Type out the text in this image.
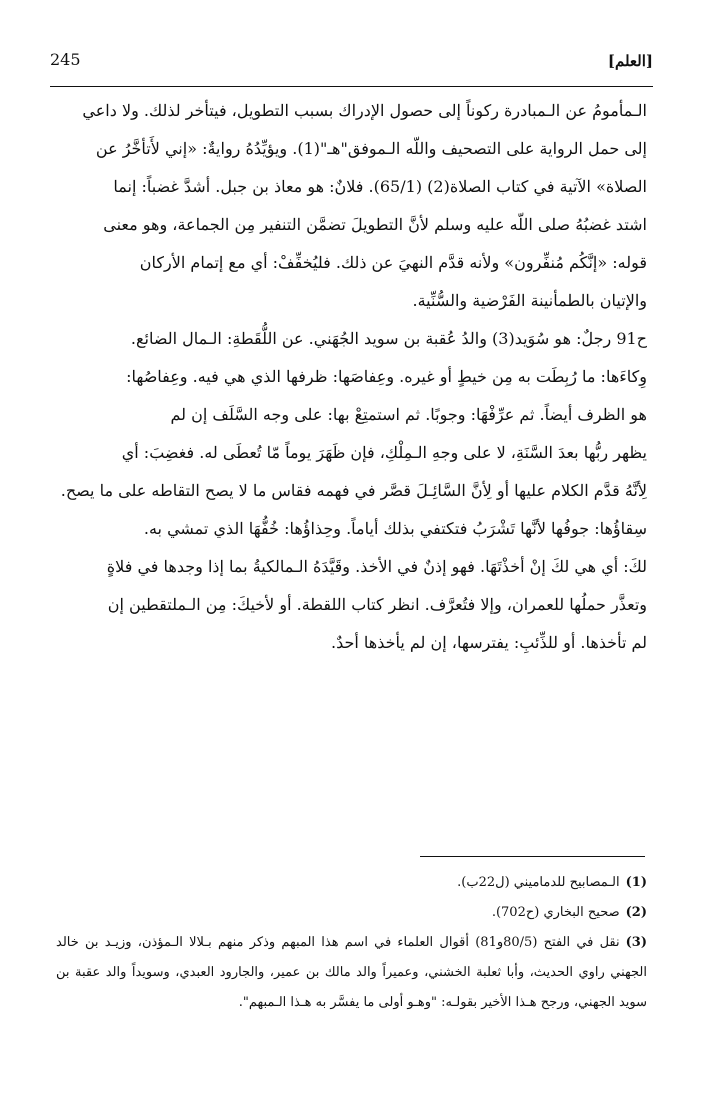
245	[العلم]

الـمأمومُ عن الـمبادرة ركوناً إلى حصول الإدراك بسبب التطويل، فيتأخر لذلك. ولا داعي

إلى حمل الرواية على التصحيف واللّه الـموفق"هـ"(1). ويؤيِّدُهُ روايةٌ: «إني لأَتأخَّرُ عن

الصلاة» الآتية في كتاب الصلاة(2) (65/1). فلانٌ: هو معاذ بن جبل. أشدَّ غضباً: إنما

اشتد غضبُهُ صلى اللّه عليه وسلم لأنَّ التطويلَ تضمَّن التنفير مِن الجماعة، وهو معنى

قوله: «إنَّكُم مُنفِّرون» ولأنه قدَّم النهيَ عن ذلك. فليُخفِّفْ: أي مع إتمام الأركان

والإتيان بالطمأنينة الفَرْضية والسُّنِّية.

ح91 رجلٌ: هو سُوَيد(3) والدُ عُقبة بن سويد الجُهَني. عن اللُّقَطةِ: الـمال الضائع.

وِكاءَها: ما رُبِطَت به مِن خيطٍ أو غيره. وعِفاصَها: ظرفها الذي هي فيه. وعِفاصُها:

هو الظرف أيضاً. ثم عرِّفْهَا: وجوبًا. ثم استمتِعْ بها: على وجه السَّلَف إن لم

يظهر ربُّها بعدَ السَّنَةِ، لا على وجهِ الـمِلْكِ، فإن ظَهَرَ يوماً مّا تُعطَى له. فغضِبَ: أي

لِأنَّهُ قدَّم الكلام عليها أو لِأنَّ السَّائِـلَ قصَّر في فهمه فقاس ما لا يصح التقاطه على ما يصح.

سِقاؤُها: جوفُها لأنَّها تَشْرَبُ فتكتفي بذلك أياماً. وحِذاؤُها: خُفُّهَا الذي تمشي به.

لكَ: أي هي لكَ إنْ أخذْتَهَا. فهو إذنٌ في الأخذ. وقَيَّدَهُ الـمالكيةُ بما إذا وجدها في فلاةٍ

وتعذَّر حملُها للعمران، وإلا فتُعرَّف. انظر كتاب اللقطة. أو لأخيكَ: مِن الـملتقطين إن

لم تأخذها. أو للذِّئبِ: يفترسها، إن لم يأخذها أحدٌ.

(1)الـمصابيح للدماميني (ل22ب).

(2)صحيح البخاري (ح702).

(3)نقل في الفتح (80/5و81) أقوال العلماء في اسم هذا المبهم وذكر منهم بـلالا الـمؤذن، وزيـد بن خالد الجهني راوي الحديث، وأبا ثعلبة الخشني، وعميراً والد مالك بن عمير، والجارود العبدي، وسويداً والد عقبة بن سويد الجهني، ورجح هـذا الأخير بقولـه: "وهـو أولى ما يفسَّر به هـذا الـمبهم".
